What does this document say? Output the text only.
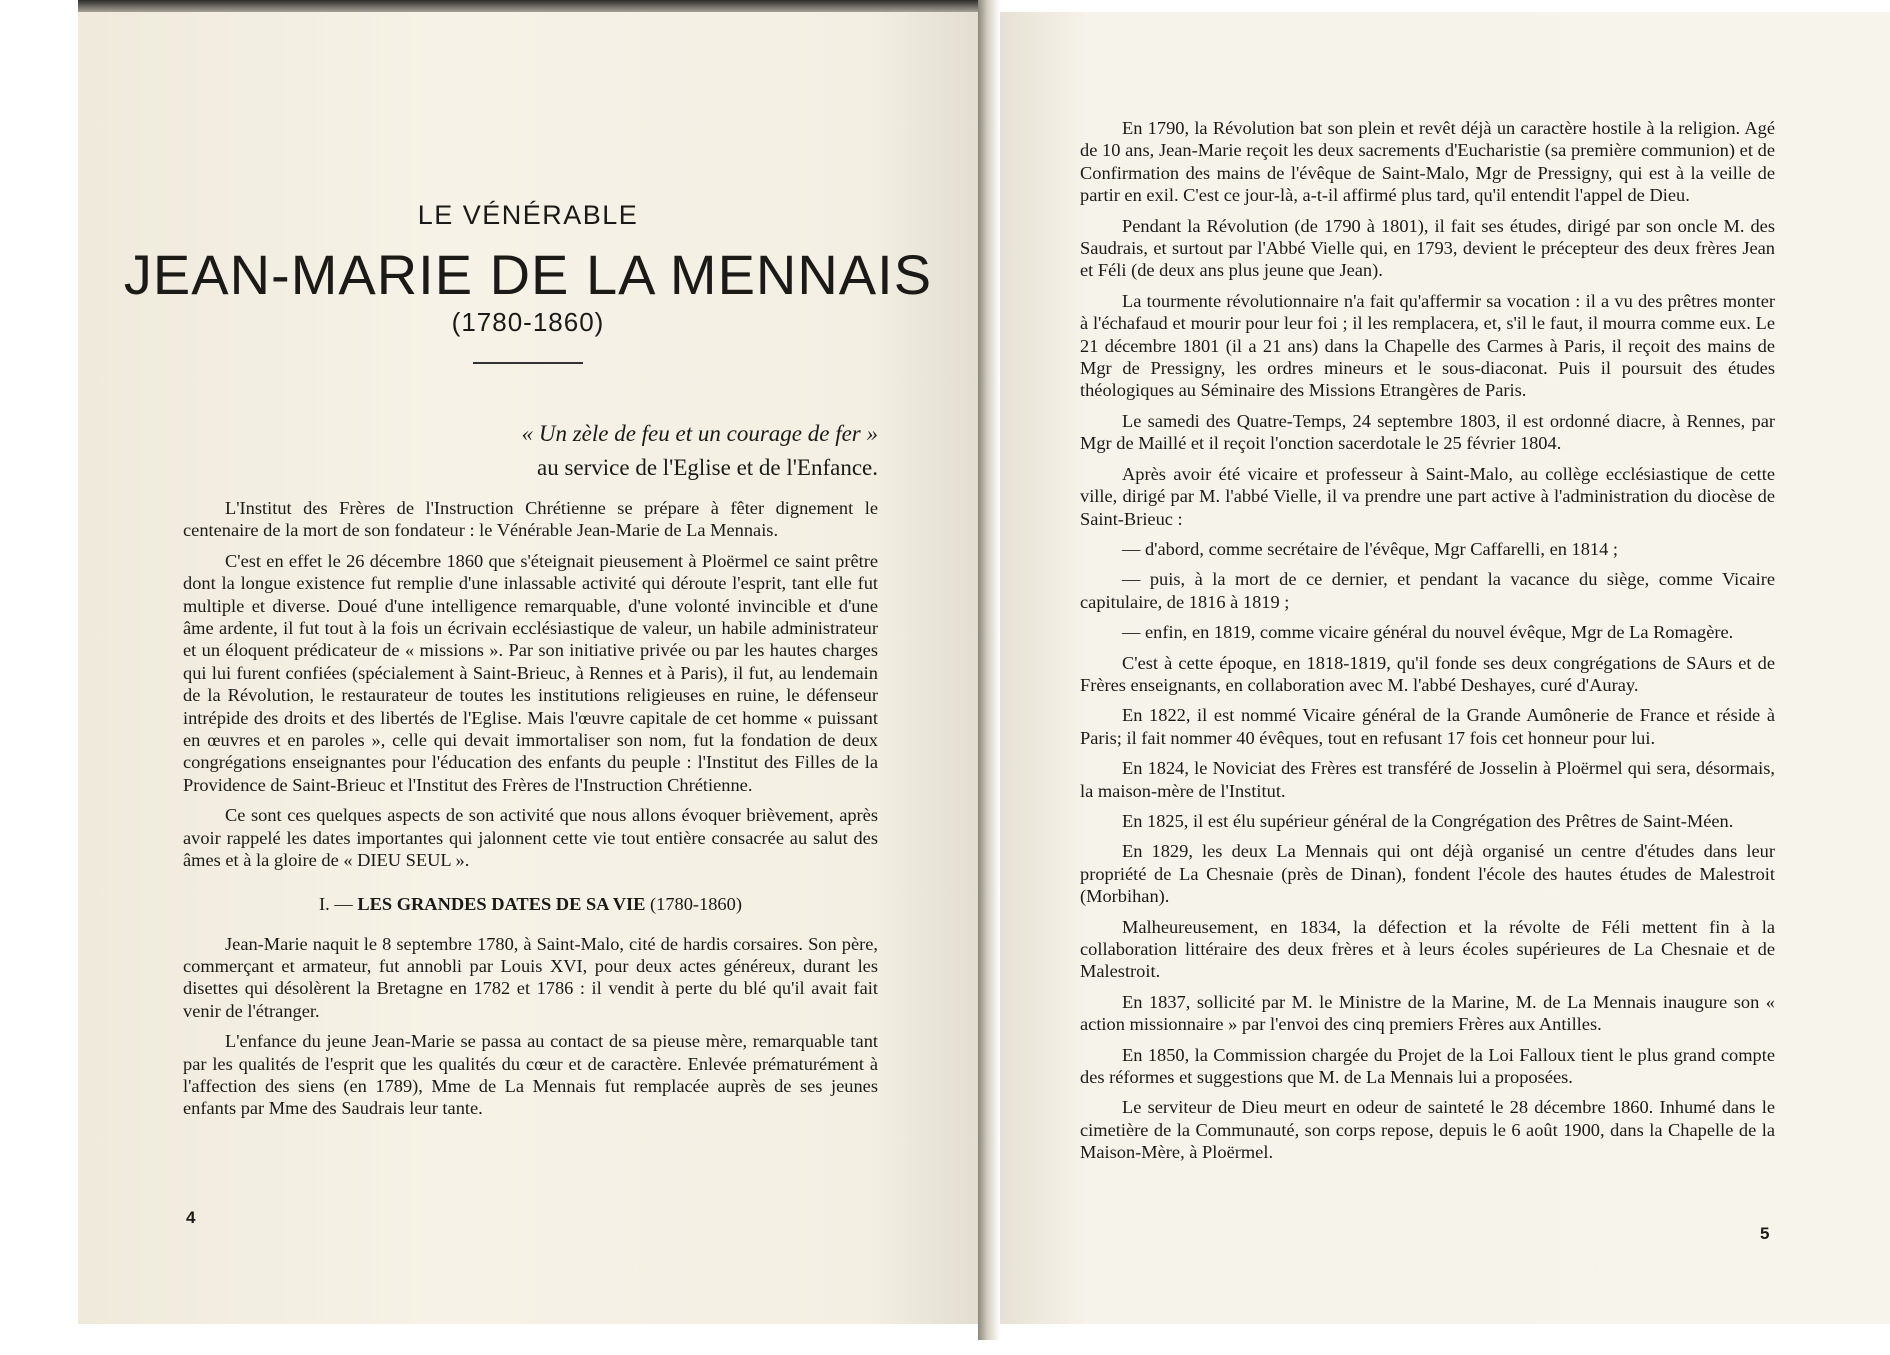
LE VÉNÉRABLE
JEAN-MARIE DE LA MENNAIS
(1780-1860)
« Un zèle de feu et un courage de fer »
au service de l'Eglise et de l'Enfance.

L'Institut des Frères de l'Instruction Chrétienne se prépare à fêter dignement le centenaire de la mort de son fondateur : le Vénérable Jean-Marie de La Mennais.

C'est en effet le 26 décembre 1860 que s'éteignait pieusement à Ploërmel ce saint prêtre dont la longue existence fut remplie d'une inlassable activité qui déroute l'esprit, tant elle fut multiple et diverse. Doué d'une intelligence remarquable, d'une volonté invincible et d'une âme ardente, il fut tout à la fois un écrivain ecclésiastique de valeur, un habile administrateur et un éloquent prédicateur de « missions ». Par son initiative privée ou par les hautes charges qui lui furent confiées (spécialement à Saint-Brieuc, à Rennes et à Paris), il fut, au lendemain de la Révolution, le restaurateur de toutes les institutions religieuses en ruine, le défenseur intrépide des droits et des libertés de l'Eglise. Mais l'œuvre capitale de cet homme « puissant en œuvres et en paroles », celle qui devait immortaliser son nom, fut la fondation de deux congrégations enseignantes pour l'éducation des enfants du peuple : l'Institut des Filles de la Providence de Saint-Brieuc et l'Institut des Frères de l'Instruction Chrétienne.

Ce sont ces quelques aspects de son activité que nous allons évoquer brièvement, après avoir rappelé les dates importantes qui jalonnent cette vie tout entière consacrée au salut des âmes et à la gloire de « DIEU SEUL ».

I. — LES GRANDES DATES DE SA VIE (1780-1860)

Jean-Marie naquit le 8 septembre 1780, à Saint-Malo, cité de hardis corsaires. Son père, commerçant et armateur, fut annobli par Louis XVI, pour deux actes généreux, durant les disettes qui désolèrent la Bretagne en 1782 et 1786 : il vendit à perte du blé qu'il avait fait venir de l'étranger.

L'enfance du jeune Jean-Marie se passa au contact de sa pieuse mère, remarquable tant par les qualités de l'esprit que les qualités du cœur et de caractère. Enlevée prématurément à l'affection des siens (en 1789), Mme de La Mennais fut remplacée auprès de ses jeunes enfants par Mme des Saudrais leur tante.

4

En 1790, la Révolution bat son plein et revêt déjà un caractère hostile à la religion. Agé de 10 ans, Jean-Marie reçoit les deux sacrements d'Eucharistie (sa première communion) et de Confirmation des mains de l'évêque de Saint-Malo, Mgr de Pressigny, qui est à la veille de partir en exil. C'est ce jour-là, a-t-il affirmé plus tard, qu'il entendit l'appel de Dieu.

Pendant la Révolution (de 1790 à 1801), il fait ses études, dirigé par son oncle M. des Saudrais, et surtout par l'Abbé Vielle qui, en 1793, devient le précepteur des deux frères Jean et Féli (de deux ans plus jeune que Jean).

La tourmente révolutionnaire n'a fait qu'affermir sa vocation : il a vu des prêtres monter à l'échafaud et mourir pour leur foi ; il les remplacera, et, s'il le faut, il mourra comme eux. Le 21 décembre 1801 (il a 21 ans) dans la Chapelle des Carmes à Paris, il reçoit des mains de Mgr de Pressigny, les ordres mineurs et le sous-diaconat. Puis il poursuit des études théologiques au Séminaire des Missions Etrangères de Paris.

Le samedi des Quatre-Temps, 24 septembre 1803, il est ordonné diacre, à Rennes, par Mgr de Maillé et il reçoit l'onction sacerdotale le 25 février 1804.

Après avoir été vicaire et professeur à Saint-Malo, au collège ecclésiastique de cette ville, dirigé par M. l'abbé Vielle, il va prendre une part active à l'administration du diocèse de Saint-Brieuc :

— d'abord, comme secrétaire de l'évêque, Mgr Caffarelli, en 1814 ;

— puis, à la mort de ce dernier, et pendant la vacance du siège, comme Vicaire capitulaire, de 1816 à 1819 ;

— enfin, en 1819, comme vicaire général du nouvel évêque, Mgr de La Romagère.

C'est à cette époque, en 1818-1819, qu'il fonde ses deux congrégations de SAurs et de Frères enseignants, en collaboration avec M. l'abbé Deshayes, curé d'Auray.

En 1822, il est nommé Vicaire général de la Grande Aumônerie de France et réside à Paris; il fait nommer 40 évêques, tout en refusant 17 fois cet honneur pour lui.

En 1824, le Noviciat des Frères est transféré de Josselin à Ploërmel qui sera, désormais, la maison-mère de l'Institut.

En 1825, il est élu supérieur général de la Congrégation des Prêtres de Saint-Méen.

En 1829, les deux La Mennais qui ont déjà organisé un centre d'études dans leur propriété de La Chesnaie (près de Dinan), fondent l'école des hautes études de Malestroit (Morbihan).

Malheureusement, en 1834, la défection et la révolte de Féli mettent fin à la collaboration littéraire des deux frères et à leurs écoles supérieures de La Chesnaie et de Malestroit.

En 1837, sollicité par M. le Ministre de la Marine, M. de La Mennais inaugure son « action missionnaire » par l'envoi des cinq premiers Frères aux Antilles.

En 1850, la Commission chargée du Projet de la Loi Falloux tient le plus grand compte des réformes et suggestions que M. de La Mennais lui a proposées.

Le serviteur de Dieu meurt en odeur de sainteté le 28 décembre 1860. Inhumé dans le cimetière de la Communauté, son corps repose, depuis le 6 août 1900, dans la Chapelle de la Maison-Mère, à Ploërmel.

5
